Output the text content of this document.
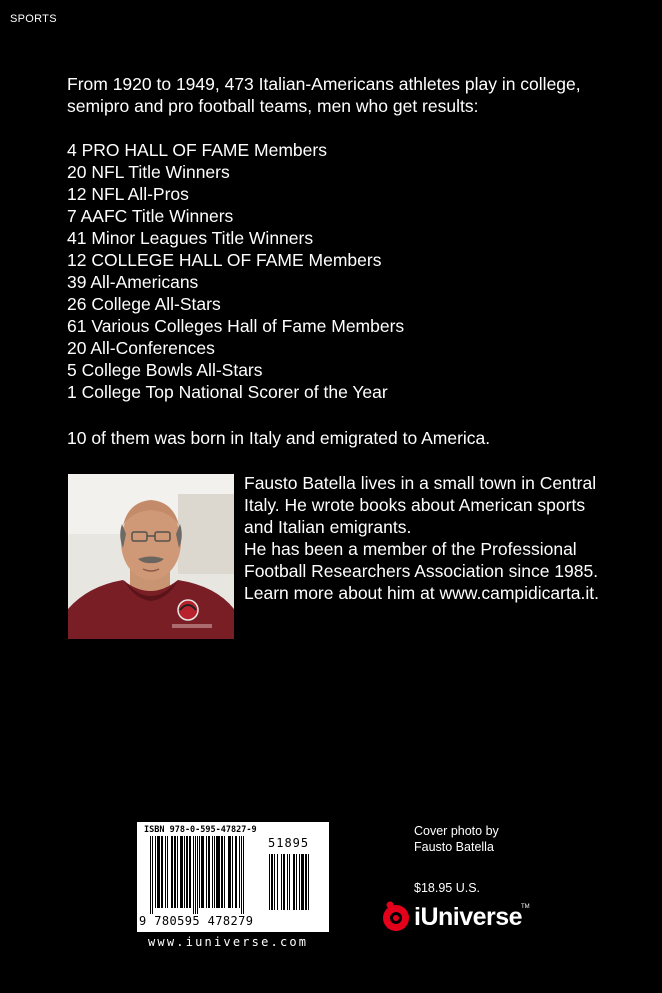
SPORTS
From 1920 to 1949, 473 Italian-Americans athletes play in college,
semipro and pro football teams, men who get results:
4 PRO HALL OF FAME Members
20 NFL Title Winners
12 NFL All-Pros
7 AAFC Title Winners
41 Minor Leagues Title Winners
12 COLLEGE HALL OF FAME Members
39 All-Americans
26 College All-Stars
61 Various Colleges Hall of Fame Members
20 All-Conferences
5 College Bowls All-Stars
1 College Top National Scorer of the Year
10 of them was born in Italy and emigrated to America.

Fausto Batella lives in a small town in Central

Italy. He wrote books about American sports

and Italian emigrants.

He has been a member of the Professional

Football Researchers Association since 1985.

Learn more about him at www.campidicarta.it.

ISBN 978-0-595-47827-9
51895
9 780595 478279
www.iuniverse.com
Cover photo by
Fausto Batella
$18.95 U.S.
iUniverse
TM
